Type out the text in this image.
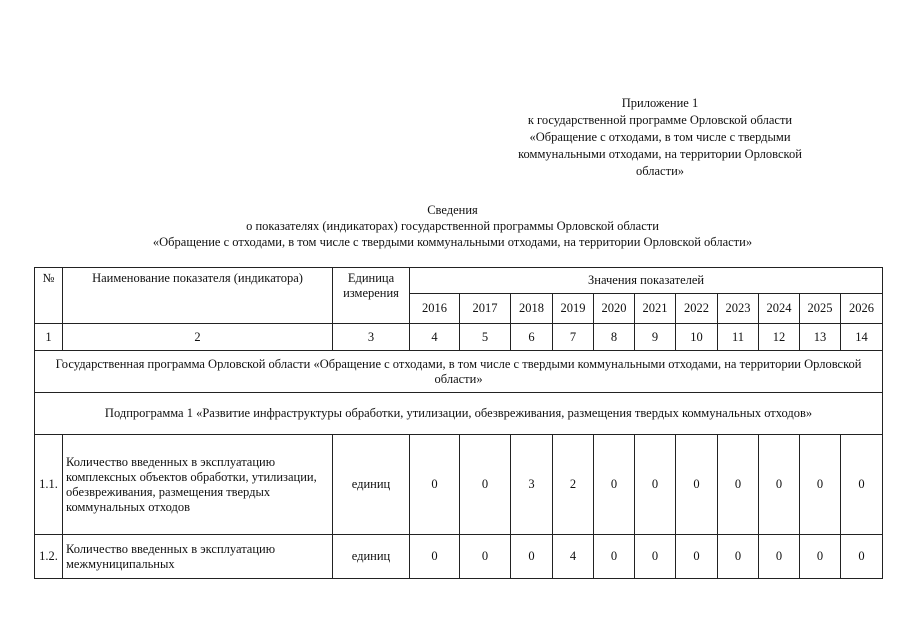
Приложение 1
к государственной программе Орловской области
«Обращение с отходами, в том числе с твердыми
коммунальными отходами, на территории Орловской
области»
Сведения
о показателях (индикаторах) государственной программы Орловской области
«Обращение с отходами, в том числе с твердыми коммунальными отходами, на территории Орловской области»
№	Наименование показателя (индикатора)	Единица измерения	Значения показателей										
			2016	2017	2018	2019	2020	2021	2022	2023	2024	2025	2026
1	2	3	4	5	6	7	8	9	10	11	12	13	14
Государственная программа Орловской области «Обращение с отходами, в том числе с твердыми коммунальными отходами, на территории Орловской области»													
Подпрограмма 1 «Развитие инфраструктуры обработки, утилизации, обезвреживания, размещения твердых коммунальных отходов»													
1.1.	Количество введенных в эксплуатацию комплексных объектов обработки, утилизации, обезвреживания, размещения твердых коммунальных отходов	единиц	0	0	3	2	0	0	0	0	0	0	0
1.2.	Количество введенных в эксплуатацию межмуниципальных	единиц	0	0	0	4	0	0	0	0	0	0	0
